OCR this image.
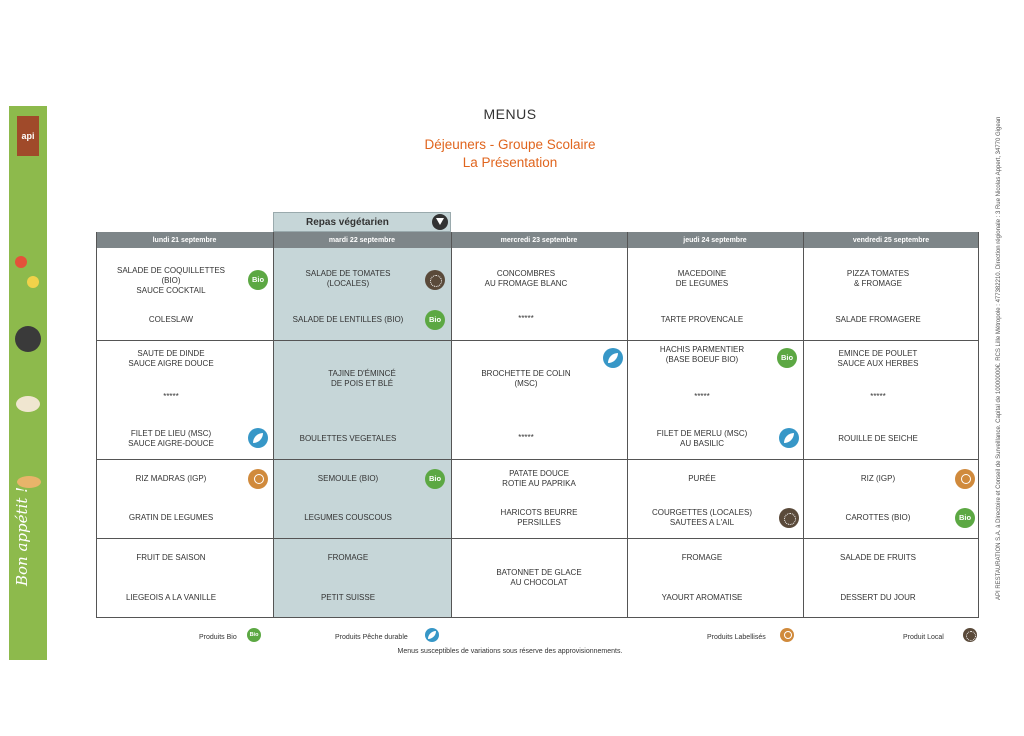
api
Bon appétit !
23
API RESTAURATION S.A. à Directoire et Conseil de Surveillance. Capital de 10000000€. RCS Lille Métropole : 477382210. Direction régionale : 3 Rue Nicolas Appert, 34770 Gigean
MENUS
Déjeuners - Groupe Scolaire
La Présentation
Repas végétarien
lundi 21 septembre	mardi 22 septembre	mercredi 23 septembre	jeudi 24 septembre	vendredi 25 septembre
SALADE DE COQUILLETTES
(BIO)
SAUCE COCKTAIL
Bio
COLESLAW
SAUTE DE DINDE
SAUCE AIGRE DOUCE
*****
FILET DE LIEU (MSC)
SAUCE AIGRE-DOUCE
RIZ MADRAS (IGP)
GRATIN DE LEGUMES
FRUIT DE SAISON
LIEGEOIS A LA VANILLE
SALADE DE TOMATES
(LOCALES)
SALADE DE LENTILLES (BIO)
Bio
TAJINE D'ÉMINCÉ
DE POIS ET BLÉ
BOULETTES VEGETALES
SEMOULE (BIO)
Bio
LEGUMES COUSCOUS
FROMAGE
PETIT SUISSE
CONCOMBRES
AU FROMAGE BLANC
*****
BROCHETTE DE COLIN
(MSC)
*****
PATATE DOUCE
ROTIE AU PAPRIKA
HARICOTS BEURRE
PERSILLES
BATONNET DE GLACE
AU CHOCOLAT
MACEDOINE
DE LEGUMES
TARTE PROVENCALE
HACHIS PARMENTIER
(BASE BOEUF BIO)
Bio
*****
FILET DE MERLU (MSC)
AU BASILIC
PURÉE
COURGETTES (LOCALES)
SAUTEES A L'AIL
FROMAGE
YAOURT AROMATISE
PIZZA TOMATES
& FROMAGE
SALADE FROMAGERE
EMINCE DE POULET
SAUCE AUX HERBES
*****
ROUILLE DE SEICHE
RIZ (IGP)
CAROTTES (BIO)
Bio
SALADE DE FRUITS
DESSERT DU JOUR
Produits Bio
Bio	Produits Pêche durable	Produits Labellisés	Produit Local
Menus susceptibles de variations sous réserve des approvisionnements.
